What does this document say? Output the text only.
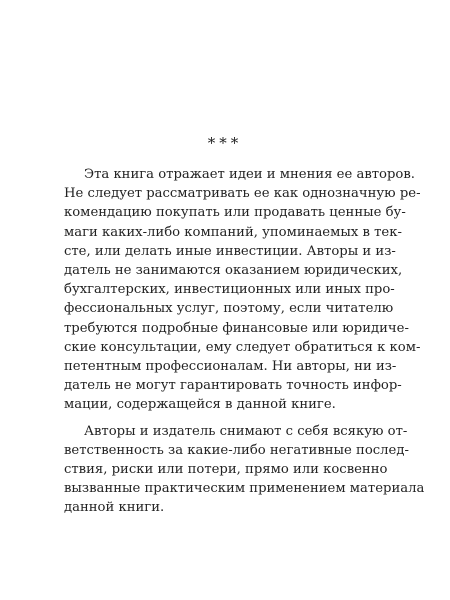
***
Эта книга отражает идеи и мнения ее авторов.
Не следует рассматривать ее как однозначную ре-
комендацию покупать или продавать ценные бу-
маги каких-либо компаний, упоминаемых в тек-
сте, или делать иные инвестиции. Авторы и из-
датель не занимаются оказанием юридических,
бухгалтерских, инвестиционных или иных про-
фессиональных услуг, поэтому, если читателю
требуются подробные финансовые или юридиче-
ские консультации, ему следует обратиться к ком-
петентным профессионалам. Ни авторы, ни из-
датель не могут гарантировать точность инфор-
мации, содержащейся в данной книге.
Авторы и издатель снимают с себя всякую от-
ветственность за какие-либо негативные послед-
ствия, риски или потери, прямо или косвенно
вызванные практическим применением материала
данной книги.
